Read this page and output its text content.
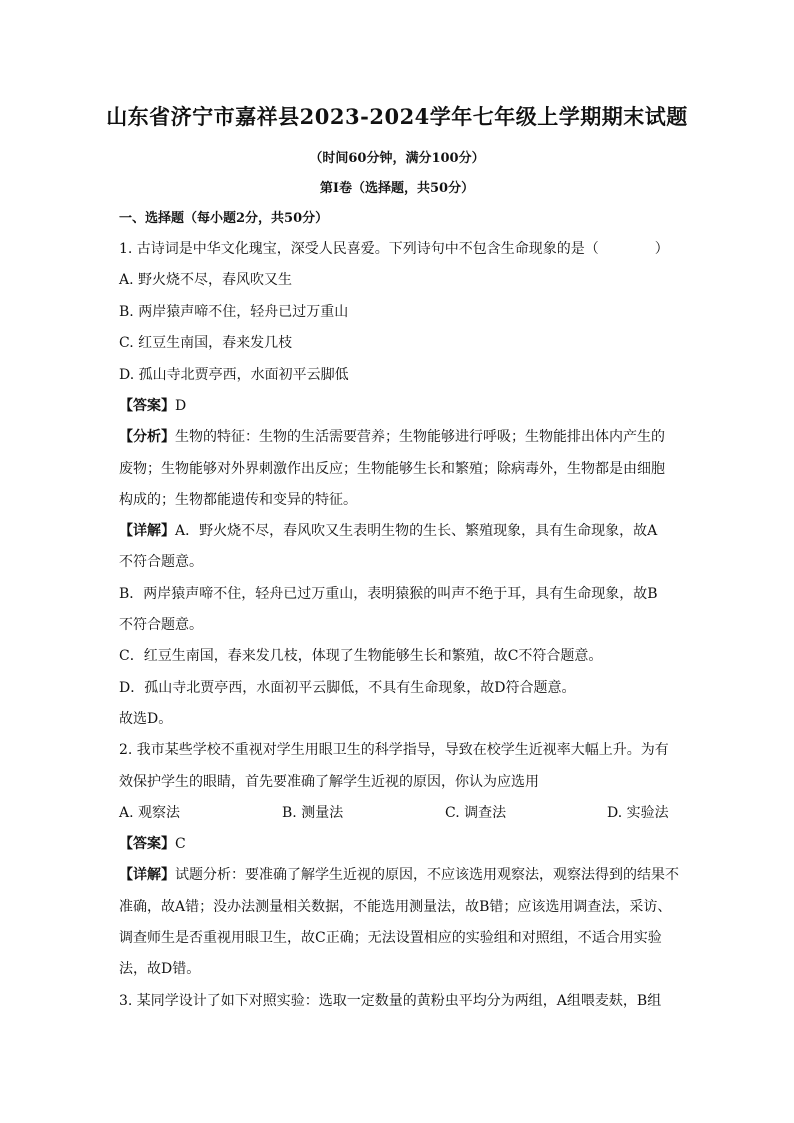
山东省济宁市嘉祥县2023-2024学年七年级上学期期末试题
（时间60分钟，满分100分）
第Ⅰ卷（选择题，共50分）
一、选择题（每小题2分，共50分）
1. 古诗词是中华文化瑰宝，深受人民喜爱。下列诗句中不包含生命现象的是（　　　　）
A. 野火烧不尽，春风吹又生
B. 两岸猿声啼不住，轻舟已过万重山
C. 红豆生南国，春来发几枝
D. 孤山寺北贾亭西，水面初平云脚低
【答案】D
【分析】生物的特征：生物的生活需要营养；生物能够进行呼吸；生物能排出体内产生的
废物；生物能够对外界刺激作出反应；生物能够生长和繁殖；除病毒外，生物都是由细胞
构成的；生物都能遗传和变异的特征。
【详解】A．野火烧不尽，春风吹又生表明生物的生长、繁殖现象，具有生命现象，故A
不符合题意。
B．两岸猿声啼不住，轻舟已过万重山，表明猿猴的叫声不绝于耳，具有生命现象，故B
不符合题意。
C．红豆生南国，春来发几枝，体现了生物能够生长和繁殖，故C不符合题意。
D．孤山寺北贾亭西，水面初平云脚低，不具有生命现象，故D符合题意。
故选D。
2. 我市某些学校不重视对学生用眼卫生的科学指导，导致在校学生近视率大幅上升。为有
效保护学生的眼睛，首先要准确了解学生近视的原因，你认为应选用
A. 观察法	B. 测量法	C. 调查法	D. 实验法
【答案】C
【详解】试题分析：要准确了解学生近视的原因，不应该选用观察法，观察法得到的结果不
准确，故A错；没办法测量相关数据，不能选用测量法，故B错；应该选用调查法，采访、
调查师生是否重视用眼卫生，故C正确；无法设置相应的实验组和对照组，不适合用实验
法，故D错。
3. 某同学设计了如下对照实验：选取一定数量的黄粉虫平均分为两组，A组喂麦麸，B组
